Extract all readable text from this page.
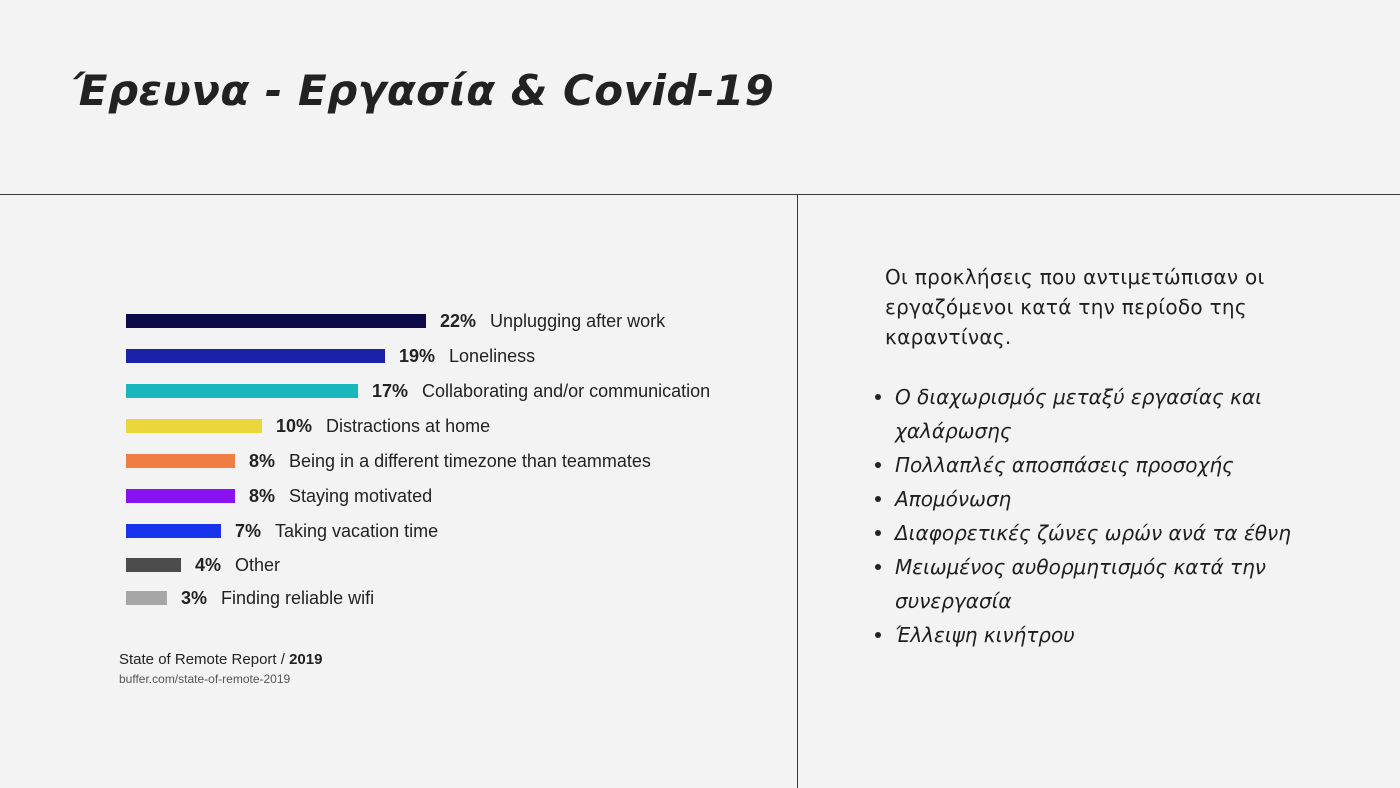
Έρευνα - Εργασία & Covid-19
22% Unplugging after work
19% Loneliness
17% Collaborating and/or communication
10% Distractions at home
8% Being in a different timezone than teammates
8% Staying motivated
7% Taking vacation time
4% Other
3% Finding reliable wifi
State of Remote Report / 2019
buffer.com/state-of-remote-2019

Οι προκλήσεις που αντιμετώπισαν οι εργαζόμενοι κατά την περίοδο της καραντίνας.

Ο διαχωρισμός μεταξύ εργασίας και χαλάρωσης
Πολλαπλές αποσπάσεις προσοχής
Απομόνωση
Διαφορετικές ζώνες ωρών ανά τα έθνη
Μειωμένος αυθορμητισμός κατά την συνεργασία
Έλλειψη κινήτρου
